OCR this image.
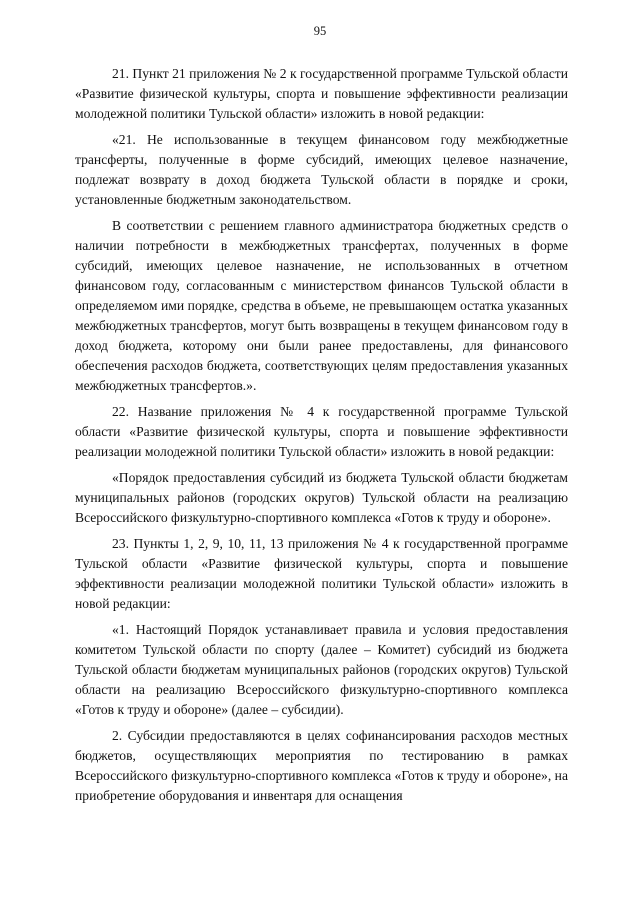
95

21. Пункт 21 приложения № 2 к государственной программе Тульской области «Развитие физической культуры, спорта и повышение эффективности реализации молодежной политики Тульской области» изложить в новой редакции:

«21. Не использованные в текущем финансовом году межбюджетные трансферты, полученные в форме субсидий, имеющих целевое назначение, подлежат возврату в доход бюджета Тульской области в порядке и сроки, установленные бюджетным законодательством.

В соответствии с решением главного администратора бюджетных средств о наличии потребности в межбюджетных трансфертах, полученных в форме субсидий, имеющих целевое назначение, не использованных в отчетном финансовом году, согласованным с министерством финансов Тульской области в определяемом ими порядке, средства в объеме, не превышающем остатка указанных межбюджетных трансфертов, могут быть возвращены в текущем финансовом году в доход бюджета, которому они были ранее предоставлены, для финансового обеспечения расходов бюджета, соответствующих целям предоставления указанных межбюджетных трансфертов.».

22. Название приложения № 4 к государственной программе Тульской области «Развитие физической культуры, спорта и повышение эффективности реализации молодежной политики Тульской области» изложить в новой редакции:

«Порядок предоставления субсидий из бюджета Тульской области бюджетам муниципальных районов (городских округов) Тульской области на реализацию Всероссийского физкультурно-спортивного комплекса «Готов к труду и обороне».

23. Пункты 1, 2, 9, 10, 11, 13 приложения № 4 к государственной программе Тульской области «Развитие физической культуры, спорта и повышение эффективности реализации молодежной политики Тульской области» изложить в новой редакции:

«1. Настоящий Порядок устанавливает правила и условия предоставления комитетом Тульской области по спорту (далее – Комитет) субсидий из бюджета Тульской области бюджетам муниципальных районов (городских округов) Тульской области на реализацию Всероссийского физкультурно-спортивного комплекса «Готов к труду и обороне» (далее – субсидии).

2. Субсидии предоставляются в целях софинансирования расходов местных бюджетов, осуществляющих мероприятия по тестированию в рамках Всероссийского физкультурно-спортивного комплекса «Готов к труду и обороне», на приобретение оборудования и инвентаря для оснащения
